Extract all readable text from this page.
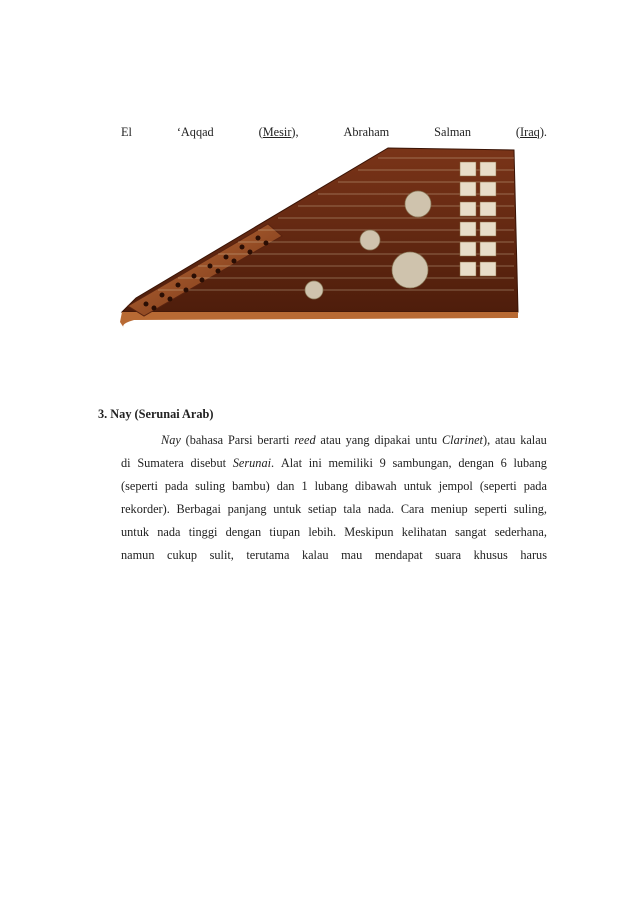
El	‘Aqqad	(Mesir),	Abraham	Salman	(Iraq).
3. Nay (Serunai Arab)
Nay (bahasa Parsi berarti reed atau yang dipakai untu Clarinet), atau kalau
di Sumatera disebut Serunai. Alat ini memiliki 9 sambungan, dengan 6 lubang
(seperti pada suling bambu) dan 1 lubang dibawah untuk jempol (seperti pada
rekorder). Berbagai panjang untuk setiap tala nada. Cara meniup seperti suling,
untuk nada tinggi dengan tiupan lebih. Meskipun kelihatan sangat sederhana,
namun cukup sulit, terutama kalau mau mendapat suara khusus harus
